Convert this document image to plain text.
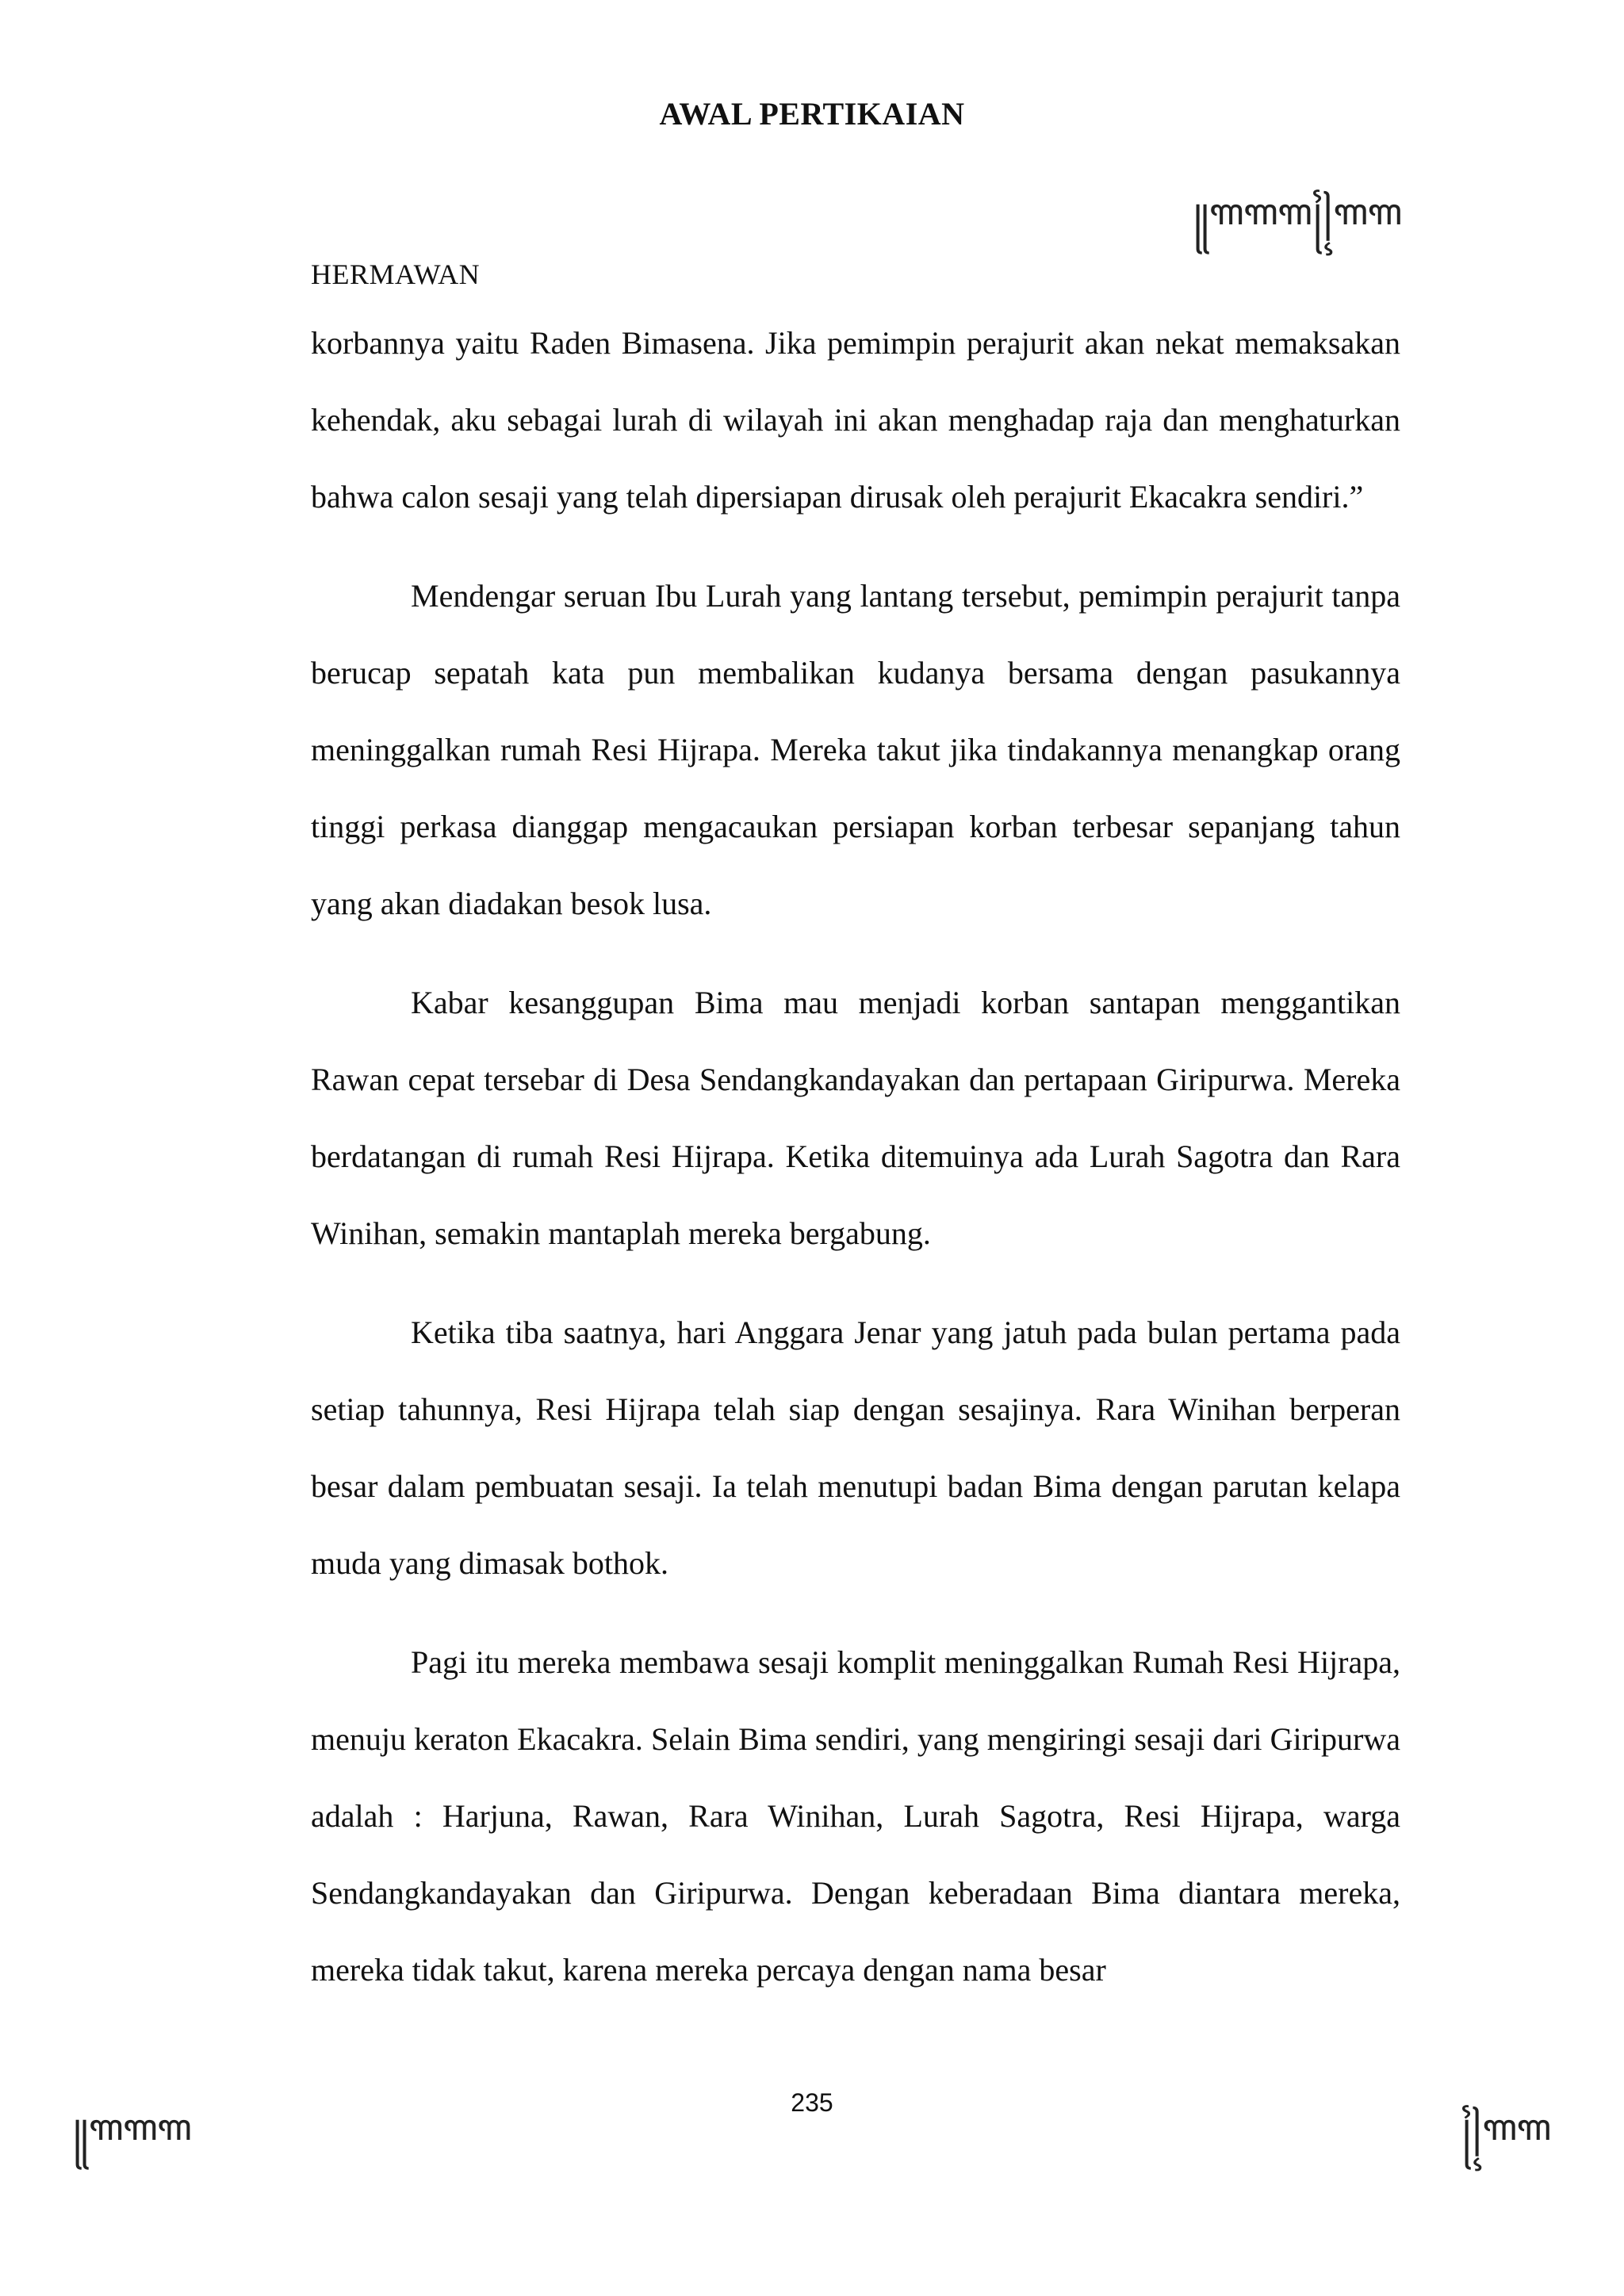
AWAL PERTIKAIAN
꧋ꦒꦒꦒ꧌꧍ꦒꦒ
HERMAWAN

korbannya yaitu Raden Bimasena. Jika pemimpin perajurit akan nekat memaksakan kehendak, aku sebagai lurah di wilayah ini akan menghadap raja dan menghaturkan bahwa calon sesaji yang telah dipersiapan dirusak oleh perajurit Ekacakra sendiri.”

Mendengar seruan Ibu Lurah yang lantang tersebut, pemimpin perajurit tanpa berucap sepatah kata pun membalikan kudanya bersama dengan pasukannya meninggalkan rumah Resi Hijrapa. Mereka takut jika tindakannya menangkap orang tinggi perkasa dianggap mengacaukan persiapan korban terbesar sepanjang tahun yang akan diadakan besok lusa.

Kabar kesanggupan Bima mau menjadi korban santapan menggantikan Rawan cepat tersebar di Desa Sendangkandayakan dan pertapaan Giripurwa. Mereka berdatangan di rumah Resi Hijrapa. Ketika ditemuinya ada Lurah Sagotra dan Rara Winihan, semakin mantaplah mereka bergabung.

Ketika tiba saatnya, hari Anggara Jenar yang jatuh pada bulan pertama pada setiap tahunnya, Resi Hijrapa telah siap dengan sesajinya. Rara Winihan berperan besar dalam pembuatan sesaji. Ia telah menutupi badan Bima dengan parutan kelapa muda yang dimasak bothok.

Pagi itu mereka membawa sesaji komplit meninggalkan Rumah Resi Hijrapa, menuju keraton Ekacakra. Selain Bima sendiri, yang mengiringi sesaji dari Giripurwa adalah : Harjuna, Rawan, Rara Winihan, Lurah Sagotra, Resi Hijrapa, warga Sendangkandayakan dan Giripurwa. Dengan keberadaan Bima diantara mereka, mereka tidak takut, karena mereka percaya dengan nama besar

235
꧋ꦒꦒꦒ	꧌꧍ꦒꦒ
